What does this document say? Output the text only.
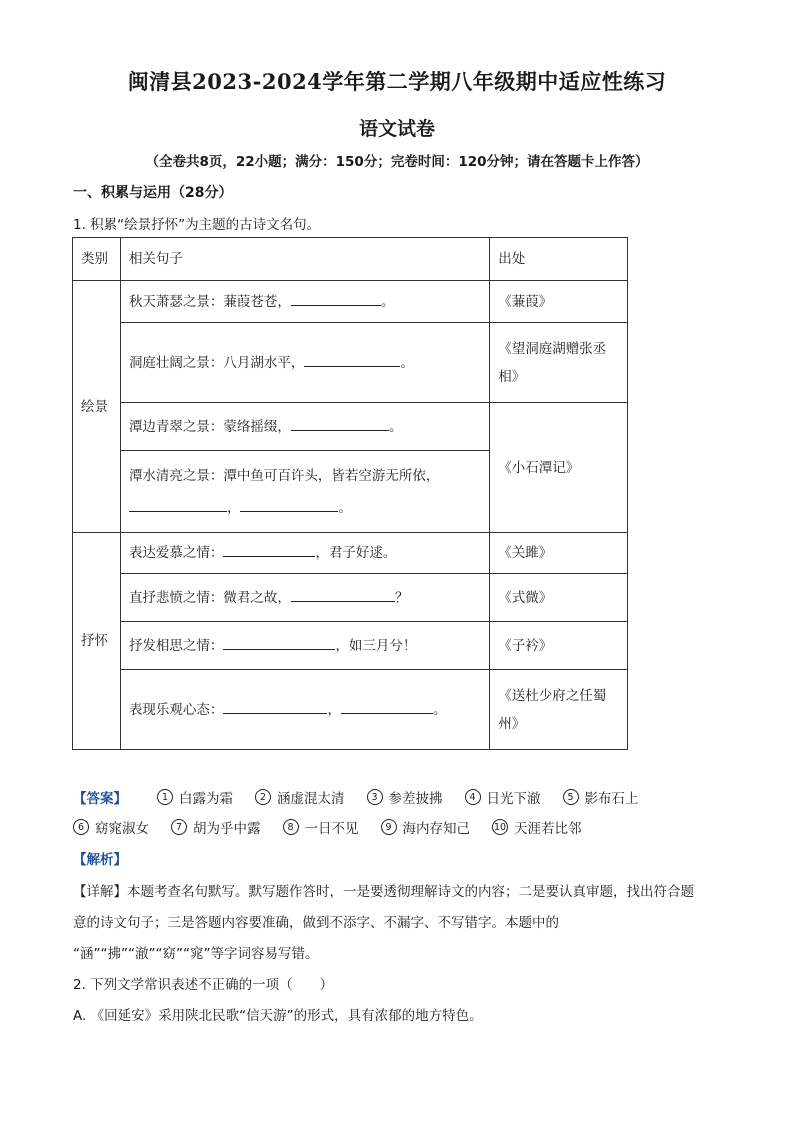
闽清县2023-2024学年第二学期八年级期中适应性练习
语文试卷
（全卷共8页，22小题；满分：150分；完卷时间：120分钟；请在答题卡上作答）
一、积累与运用（28分）
1. 积累“绘景抒怀”为主题的古诗文名句。
类别	相关句子	出处
绘景	秋天萧瑟之景：蒹葭苍苍， 。	《蒹葭》
	洞庭壮阔之景：八月湖水平， 。	《望洞庭湖赠张丞
相》

	潭边青翠之景：蒙络摇缀， 。	《小石潭记》

	潭水清亮之景：潭中鱼可百许头，皆若空游无所依，
， 。	

抒怀	表达爱慕之情： ，君子好逑。	《关雎》
	直抒悲愤之情：微君之故， ？	《式微》
	抒发相思之情： ，如三月兮！	《子衿》
	表现乐观心态： ， 。	《送杜少府之任蜀
州》
【答案】	1 白露为霜	2 涵虚混太清	3 参差披拂	4 日光下澈	5 影布石上
6 窈窕淑女	7 胡为乎中露	8 一日不见	9 海内存知己	10 天涯若比邻
【解析】
【详解】本题考查名句默写。默写题作答时，一是要透彻理解诗文的内容；二是要认真审题，找出符合题
意的诗文句子；三是答题内容要准确，做到不添字、不漏字、不写错字。本题中的
“涵”“拂”“澈”“窈”“窕”等字词容易写错。
2. 下列文学常识表述不正确的一项（　　）
A. 《回延安》采用陕北民歌“信天游”的形式，具有浓郁的地方特色。
